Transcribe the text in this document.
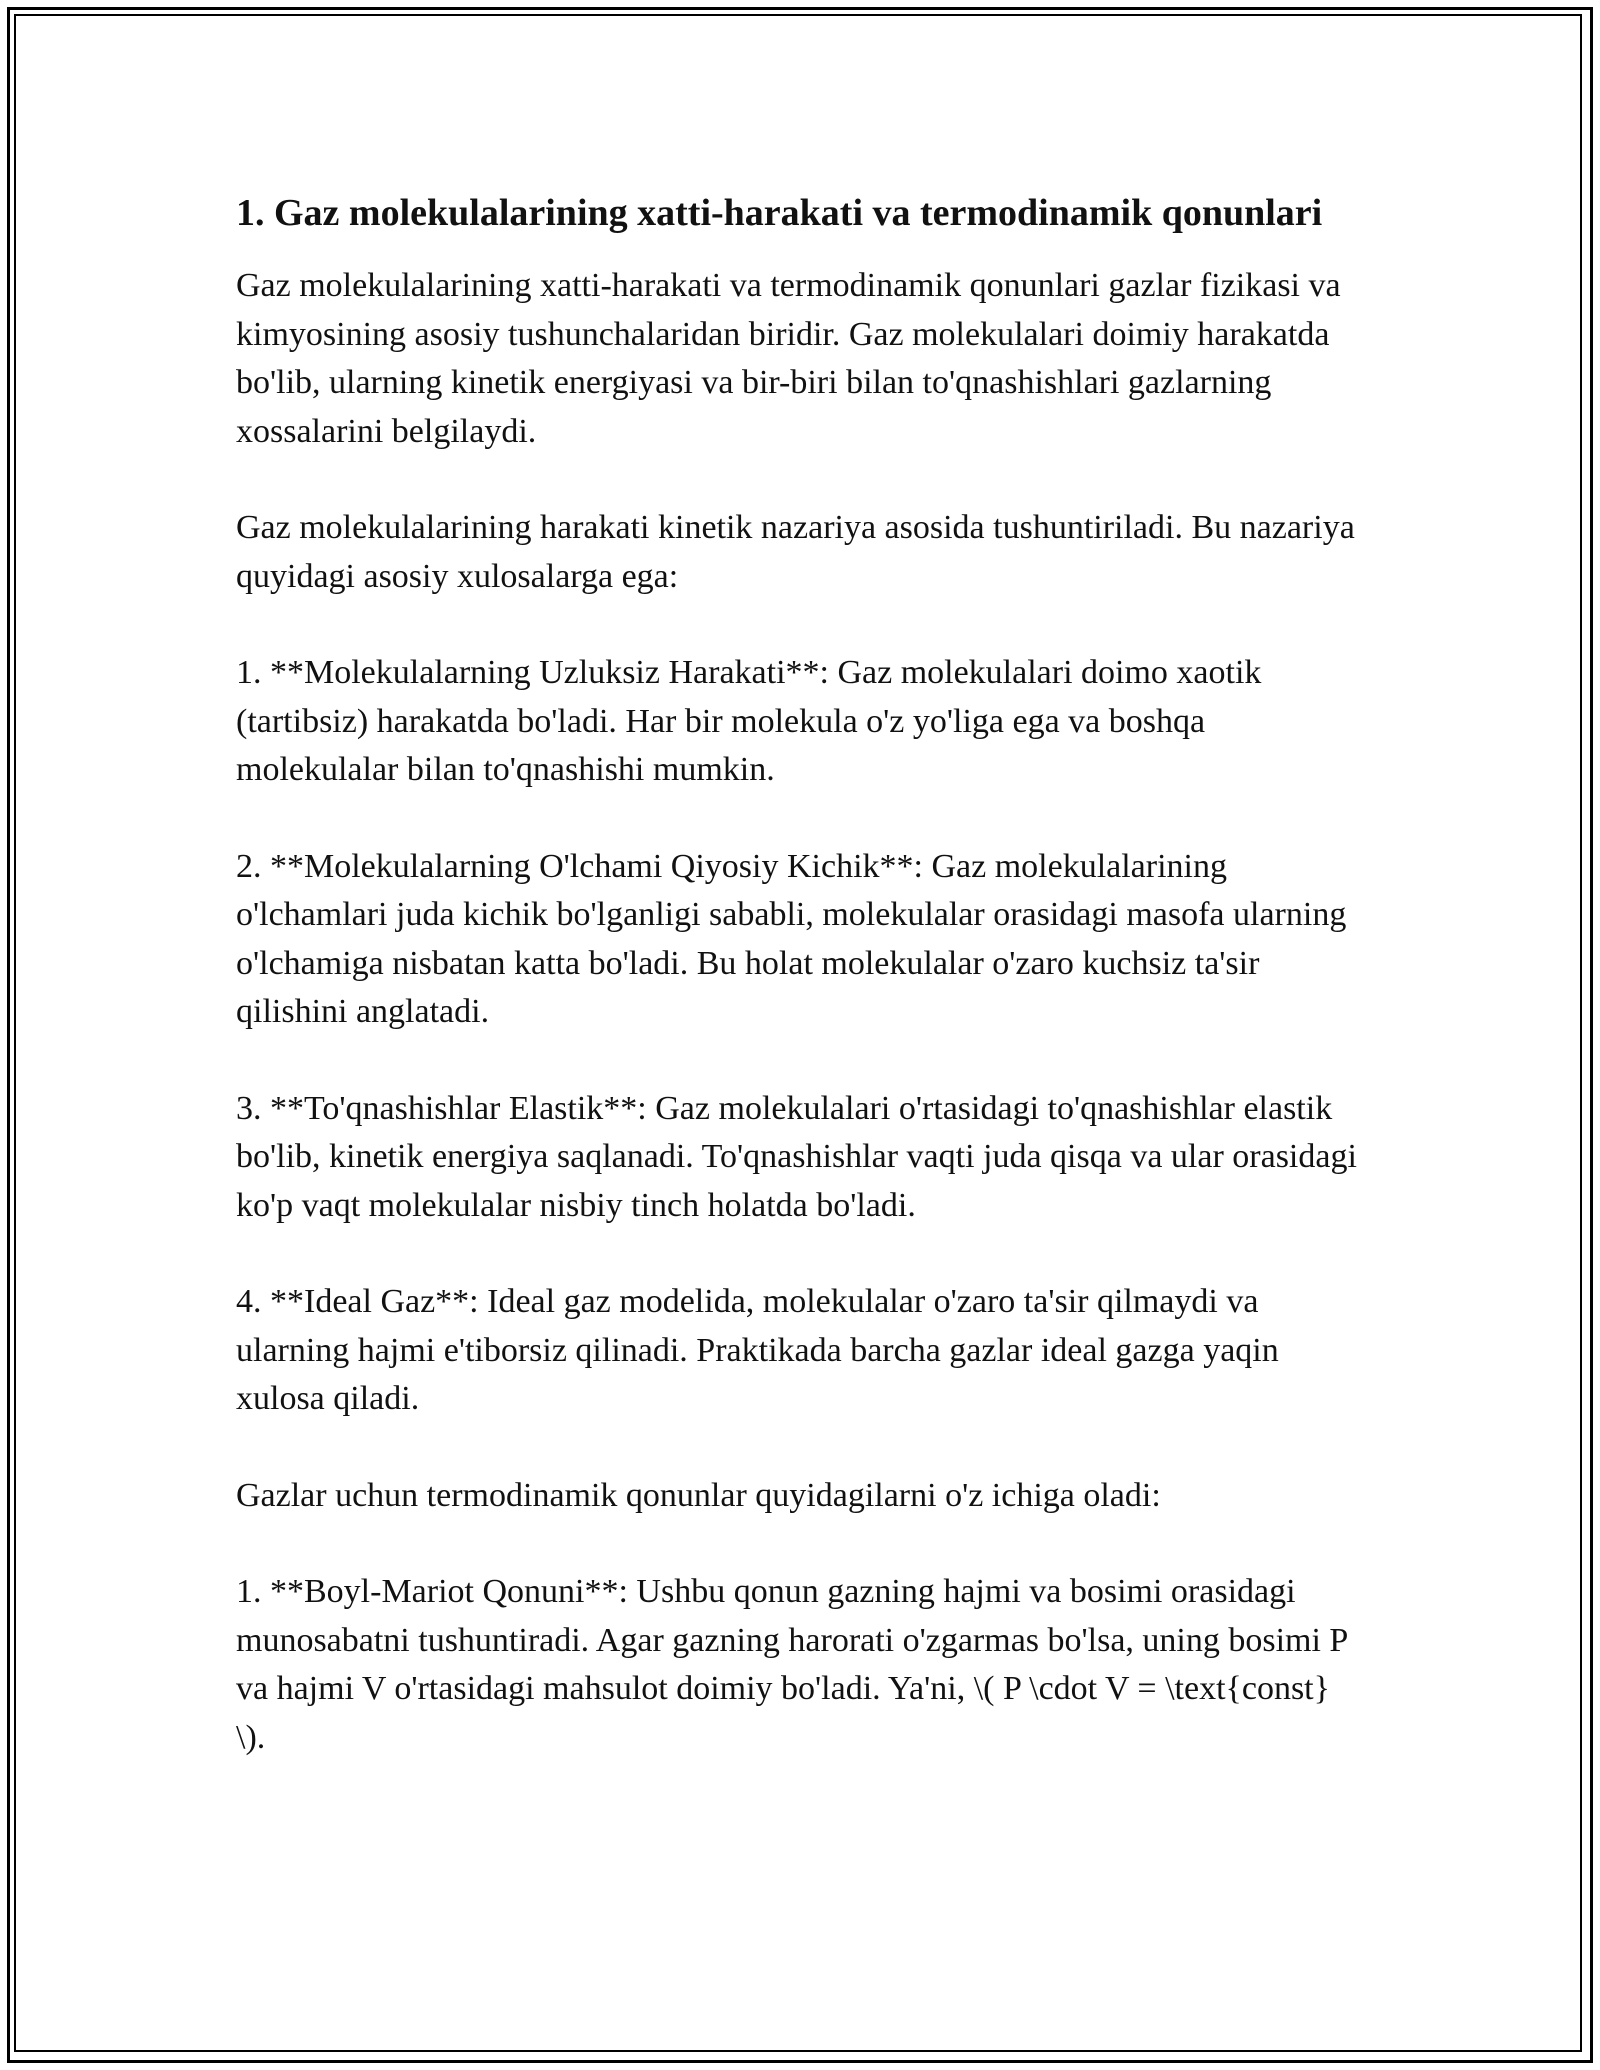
1. Gaz molekulalarining xatti-harakati va termodinamik qonunlari

Gaz molekulalarining xatti-harakati va termodinamik qonunlari gazlar fizikasi va kimyosining asosiy tushunchalaridan biridir. Gaz molekulalari doimiy harakatda bo'lib, ularning kinetik energiyasi va bir-biri bilan to'qnashishlari gazlarning xossalarini belgilaydi.

Gaz molekulalarining harakati kinetik nazariya asosida tushuntiriladi. Bu nazariya quyidagi asosiy xulosalarga ega:

1. **Molekulalarning Uzluksiz Harakati**: Gaz molekulalari doimo xaotik (tartibsiz) harakatda bo'ladi. Har bir molekula o'z yo'liga ega va boshqa molekulalar bilan to'qnashishi mumkin.

2. **Molekulalarning O'lchami Qiyosiy Kichik**: Gaz molekulalarining o'lchamlari juda kichik bo'lganligi sababli, molekulalar orasidagi masofa ularning o'lchamiga nisbatan katta bo'ladi. Bu holat molekulalar o'zaro kuchsiz ta'sir qilishini anglatadi.

3. **To'qnashishlar Elastik**: Gaz molekulalari o'rtasidagi to'qnashishlar elastik bo'lib, kinetik energiya saqlanadi. To'qnashishlar vaqti juda qisqa va ular orasidagi ko'p vaqt molekulalar nisbiy tinch holatda bo'ladi.

4. **Ideal Gaz**: Ideal gaz modelida, molekulalar o'zaro ta'sir qilmaydi va ularning hajmi e'tiborsiz qilinadi. Praktikada barcha gazlar ideal gazga yaqin xulosa qiladi.

Gazlar uchun termodinamik qonunlar quyidagilarni o'z ichiga oladi:

1. **Boyl-Mariot Qonuni**: Ushbu qonun gazning hajmi va bosimi orasidagi munosabatni tushuntiradi. Agar gazning harorati o'zgarmas bo'lsa, uning bosimi P va hajmi V o'rtasidagi mahsulot doimiy bo'ladi. Ya'ni, \( P \cdot V = \text{const} \).
